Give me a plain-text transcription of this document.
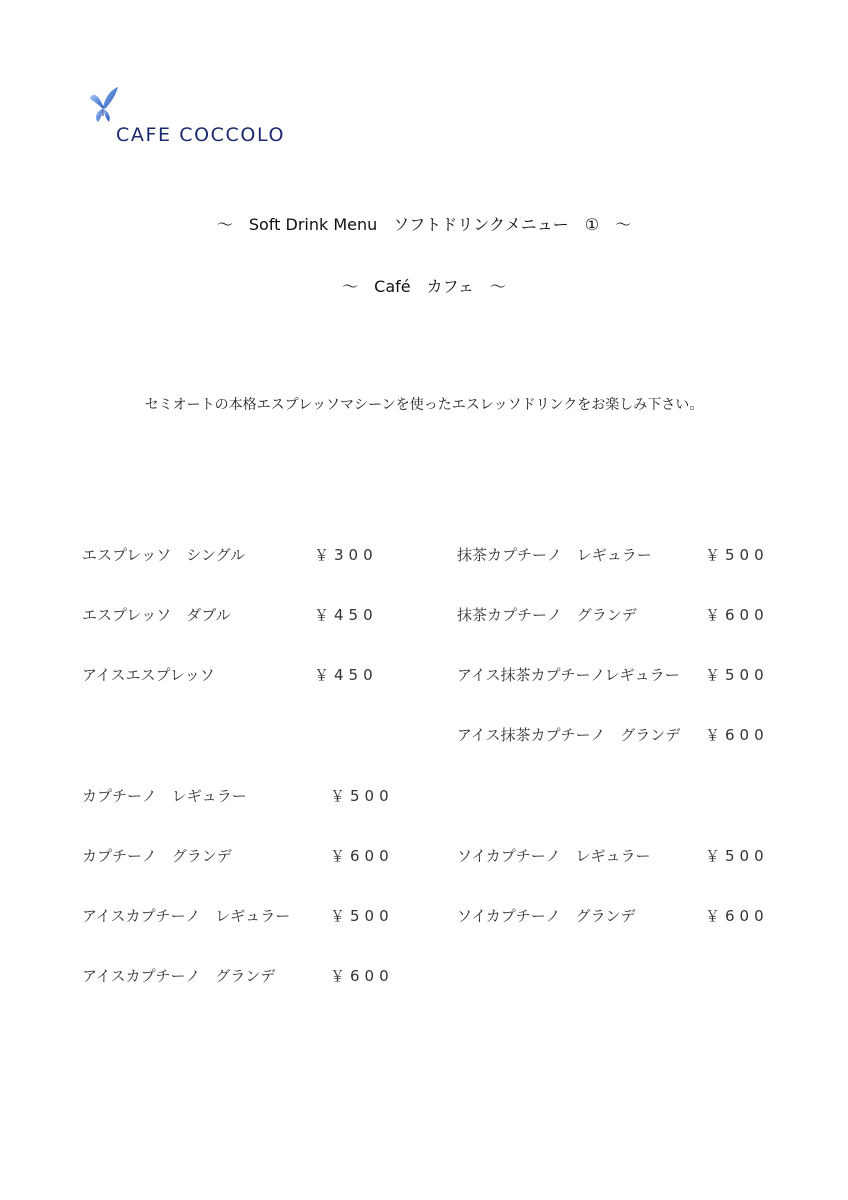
CAFE COCCOLO
～　Soft Drink Menu　ソフトドリンクメニュー　①　～
～　Café　カフェ　～
セミオートの本格エスプレッソマシーンを使ったエスレッソドリンクをお楽しみ下さい。
エスプレッソ　シングル	￥300
エスプレッソ　ダブル	￥450
アイスエスプレッソ	￥450
カプチーノ　レギュラー	￥500
カプチーノ　グランデ	￥600
アイスカプチーノ　レギュラー	￥500
アイスカプチーノ　グランデ	￥600
抹茶カプチーノ　レギュラー	￥500
抹茶カプチーノ　グランデ	￥600
アイス抹茶カプチーノレギュラー ￥500
アイス抹茶カプチーノ　グランデ ￥600
ソイカプチーノ　レギュラー	￥500
ソイカプチーノ　グランデ	￥600
